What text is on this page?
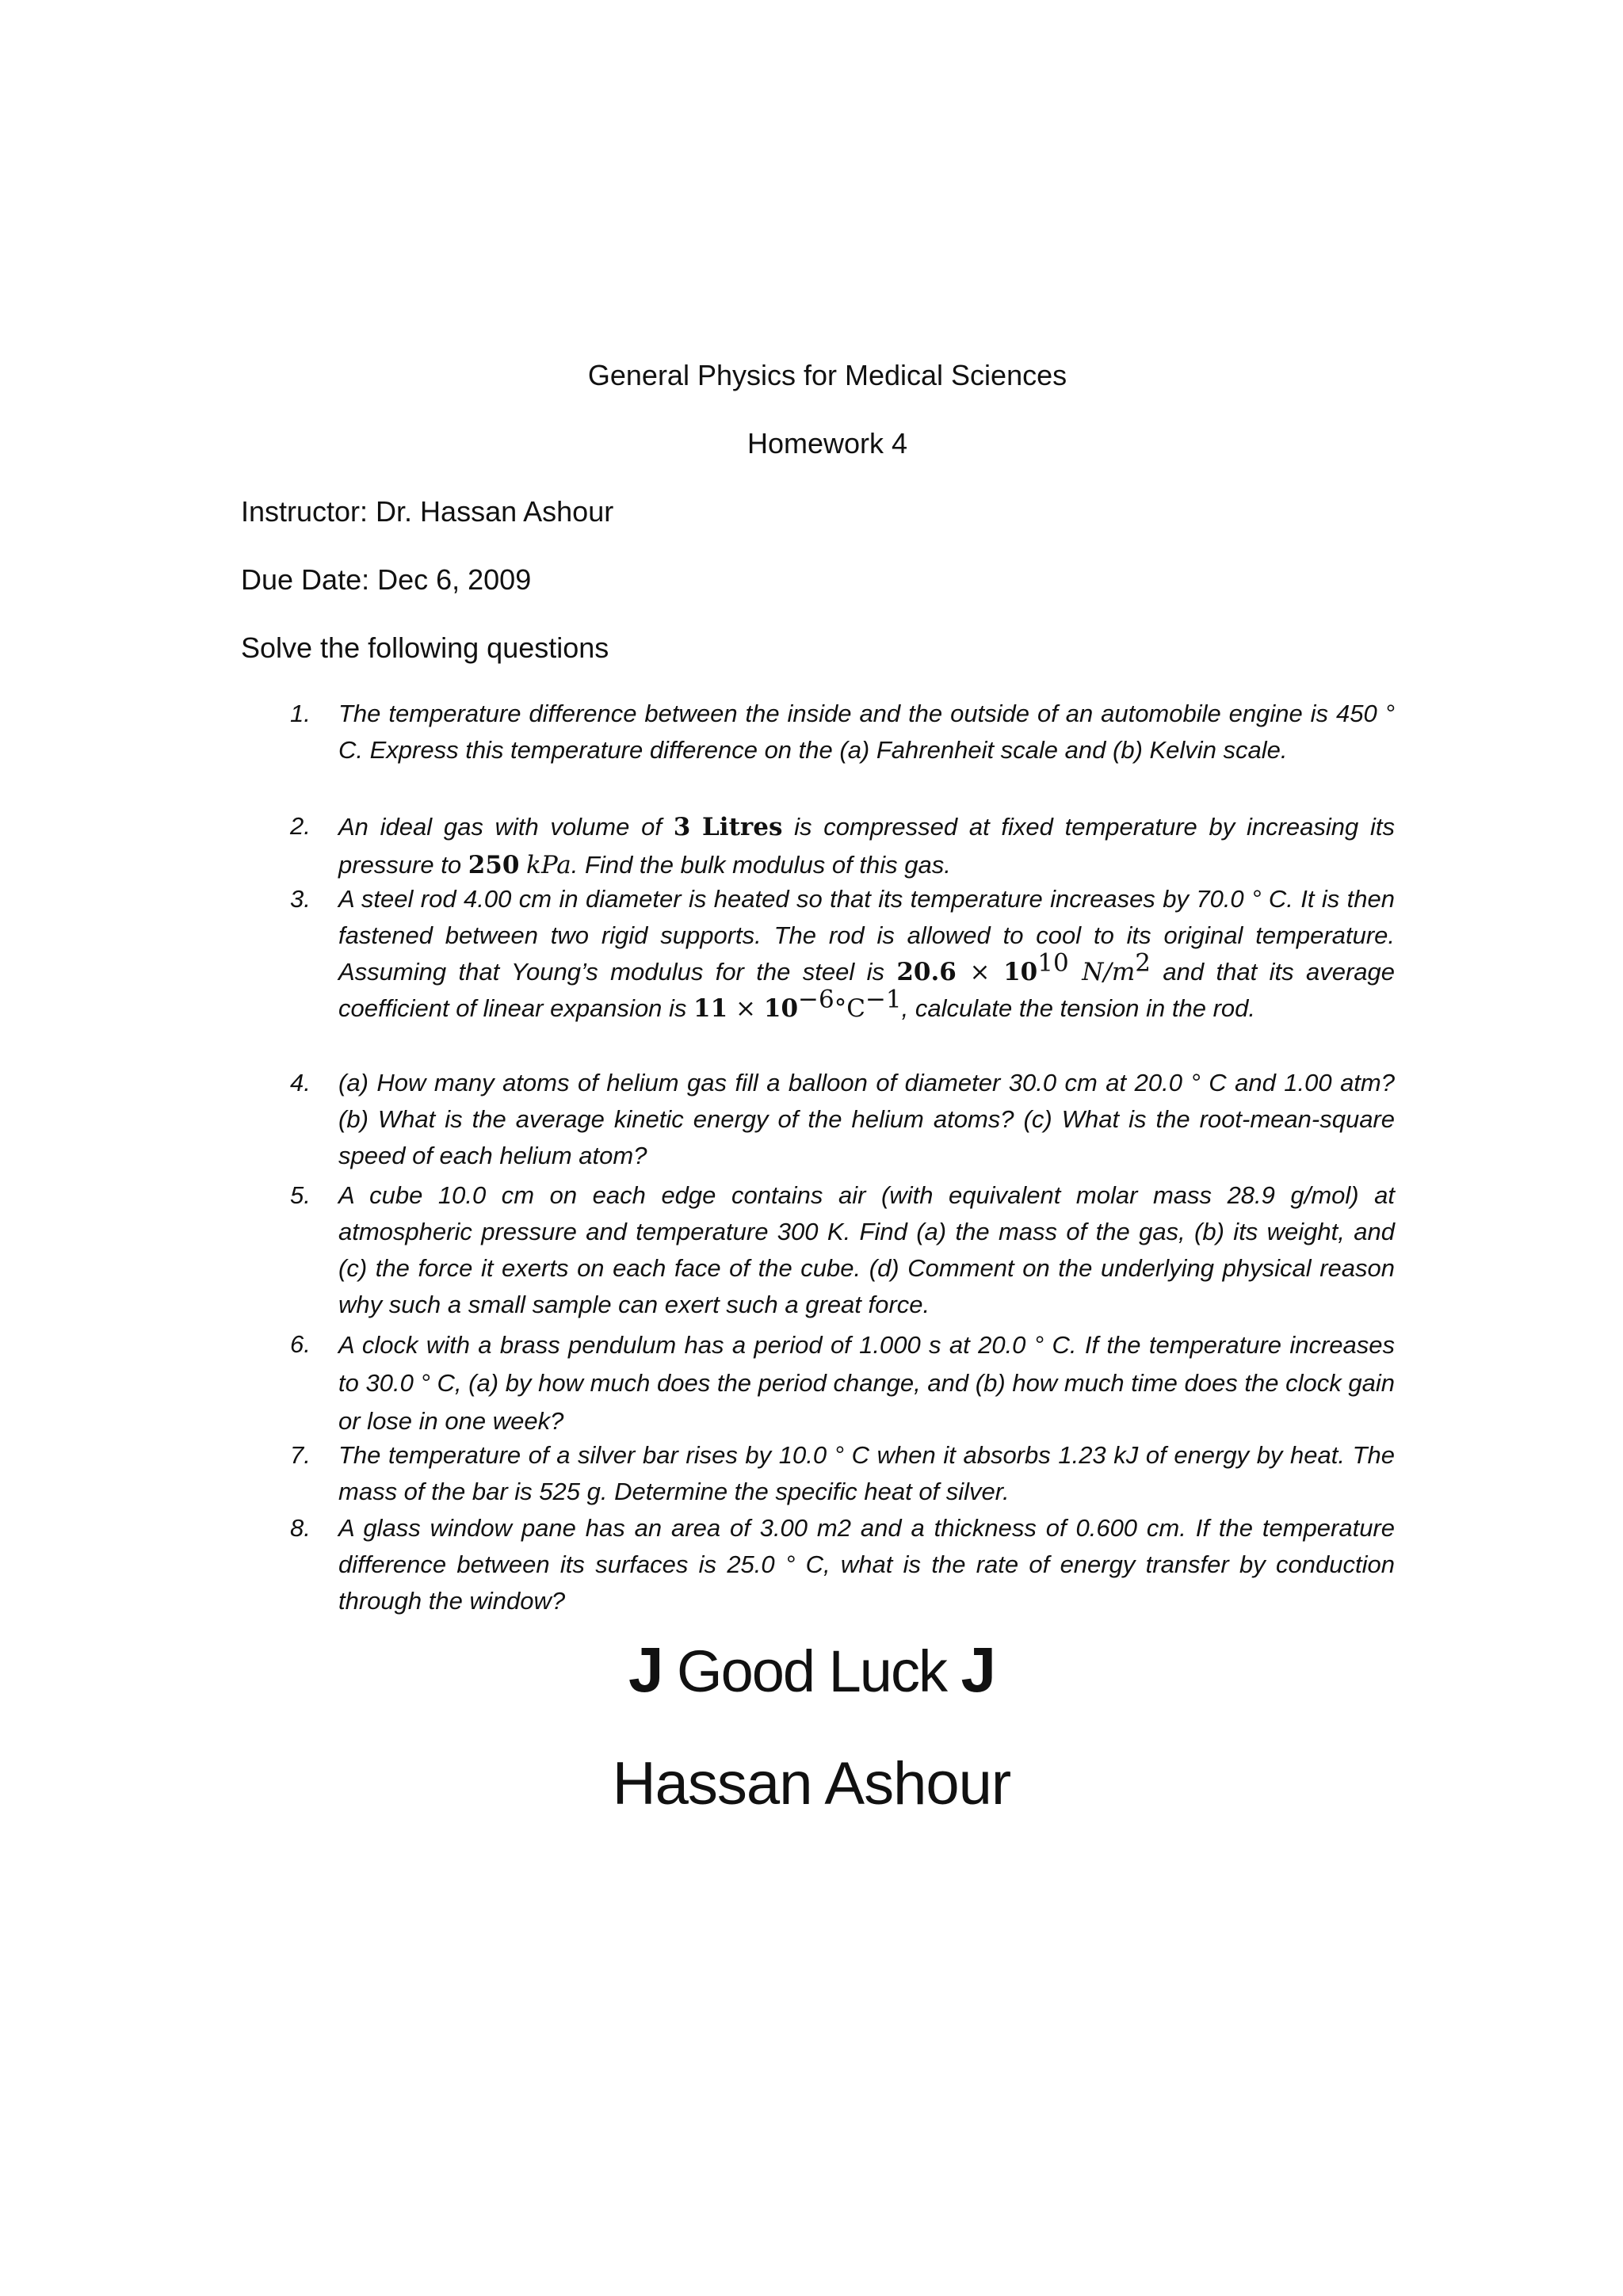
General Physics for Medical Sciences
Homework 4
Instructor: Dr. Hassan Ashour
Due Date: Dec 6, 2009
Solve the following questions
1. The temperature difference between the inside and the outside of an automobile engine is 450 ° C. Express this temperature difference on the (a) Fahrenheit scale and (b) Kelvin scale.
2. An ideal gas with volume of 3 Litres is compressed at fixed temperature by increasing its pressure to 250 kPa. Find the bulk modulus of this gas.
3. A steel rod 4.00 cm in diameter is heated so that its temperature increases by 70.0 ° C. It is then fastened between two rigid supports. The rod is allowed to cool to its original temperature. Assuming that Young’s modulus for the steel is $20.6 \times 10^{10}$ $N/m^2$ and that its average coefficient of linear expansion is $11 \times 10^{-6}^\circ C^{-1}$, calculate the tension in the rod.
4. (a) How many atoms of helium gas fill a balloon of diameter 30.0 cm at 20.0 ° C and 1.00 atm? (b) What is the average kinetic energy of the helium atoms? (c) What is the root-mean-square speed of each helium atom?
5. A cube 10.0 cm on each edge contains air (with equivalent molar mass 28.9 g/mol) at atmospheric pressure and temperature 300 K. Find (a) the mass of the gas, (b) its weight, and (c) the force it exerts on each face of the cube. (d) Comment on the underlying physical reason why such a small sample can exert such a great force.
6. A clock with a brass pendulum has a period of 1.000 s at 20.0 ° C. If the temperature increases to 30.0 ° C, (a) by how much does the period change, and (b) how much time does the clock gain or lose in one week?
7. The temperature of a silver bar rises by 10.0 ° C when it absorbs 1.23 kJ of energy by heat. The mass of the bar is 525 g. Determine the specific heat of silver.
8. A glass window pane has an area of 3.00 m2 and a thickness of 0.600 cm. If the temperature difference between its surfaces is 25.0 ° C, what is the rate of energy transfer by conduction through the window?
J Good Luck J
Hassan Ashour
